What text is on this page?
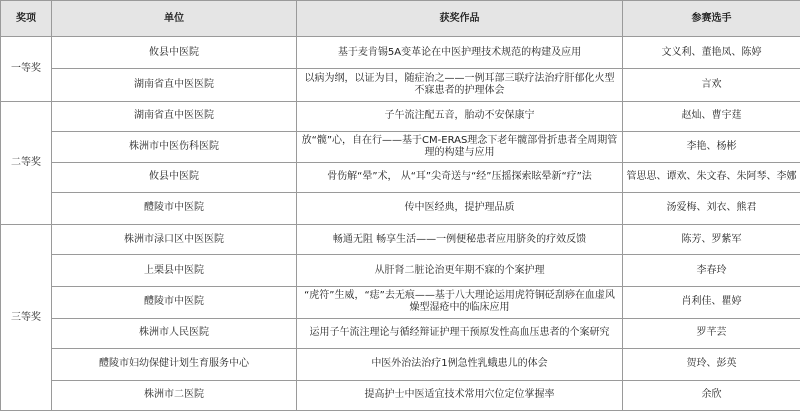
奖项	单位	获奖作品	参赛选手
一等奖	攸县中医院	基于麦肯锡5A变革论在中医护理技术规范的构建及应用	文义利、董艳凤、陈婷
	湖南省直中医医院	以病为纲，以证为目，随症治之——一例耳部三联疗法治疗肝郁化火型不寐患者的护理体会	言欢
二等奖	湖南省直中医医院	子午流注配五音，胎动不安保康宁	赵灿、曹宇莛
	株洲市中医伤科医院	放“髋”心，自在行——基于CM-ERAS理念下老年髋部骨折患者全周期管理的构建与应用	李艳、杨彬
	攸县中医院	骨伤解“晕”术， 从“耳”尖奇送与“经”压摇探索眩晕新“疗”法	管思思、谭欢、朱文春、朱阿琴、李娜
	醴陵市中医院	传中医经典，提护理品质	汤爱梅、刘衣、熊君
三等奖	株洲市渌口区中医医院	畅通无阻 畅享生活——一例便秘患者应用脐灸的疗效反馈	陈芳、罗紫军
	上栗县中医院	从肝肾二脏论治更年期不寐的个案护理	李春玲
	醴陵市中医院	“虎符”生威，“痣”去无痕——基于八大理论运用虎符铜砭刮痧在血虚风燥型湿疮中的临床应用	肖利佳、瞿婷
	株洲市人民医院	运用子午流注理论与循经辩证护理干预原发性高血压患者的个案研究	罗芊芸
	醴陵市妇幼保健计划生育服务中心	中医外治法治疗1例急性乳蛾患儿的体会	贺玲、彭英
	株洲市二医院	提高护士中医适宜技术常用穴位定位掌握率	余欣
